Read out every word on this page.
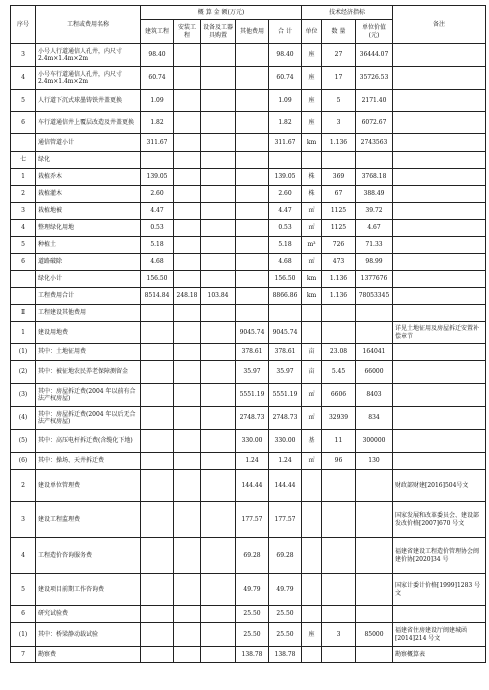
序号	工程或费用名称	概 算 金 额(万元)					技术经济指标			备注
		建筑工程	安装工程	设备及工器具购置	其他费用	合 计	单位	数 量	单位价值(元)	
3	小号人行道通信人孔井，内尺寸 2.4m×1.4m×2m	98.40				98.40	座	27	36444.07	
4	小号车行道通信人孔井，内尺寸 2.4m×1.4m×2m	60.74				60.74	座	17	35726.53	
5	人行道下沉式球墨铸铁井盖更换	1.09				1.09	座	5	2171.40	
6	车行道通信井上覆层改造及井盖更换	1.82				1.82	座	3	6072.67	
	通信管道小计	311.67				311.67	km	1.136	2743563	
七	绿化									
1	栽植乔木	139.05				139.05	株	369	3768.18	
2	栽植灌木	2.60				2.60	株	67	388.49	
3	栽植地被	4.47				4.47	㎡	1125	39.72	
4	整理绿化用地	0.53				0.53	㎡	1125	4.67	
5	种植土	5.18				5.18	m³	726	71.33	
6	道路破除	4.68				4.68	㎡	473	98.99	
	绿化小计	156.50				156.50	km	1.136	1377676	
	工程费用合计	8514.84	248.18	103.84		8866.86	km	1.136	78053345	
Ⅱ	工程建设其他费用									
1	建设用地费				9045.74	9045.74				详见土地征用及房屋拆迁安置补偿章节
(1)	其中：土地征用费				378.61	378.61	亩	23.08	164041	
(2)	其中：被征地农民养老保障测留金				35.97	35.97	亩	5.45	66000	
(3)	其中：房屋拆迁费(2004 年以前有合法产权房屋)				5551.19	5551.19	㎡	6606	8403	
(4)	其中：房屋拆迁费(2004 年以后无合法产权房屋)				2748.73	2748.73	㎡	32939	834	
(5)	其中：高压电杆拆迁费(含缆化下地)				330.00	330.00	基	11	300000	
(6)	其中：操场、天井拆迁费				1.24	1.24	㎡	96	130	
2	建设单位管理费				144.44	144.44				财政部财建[2016]504号文
3	建设工程监理费				177.57	177.57				国家发展和改革委员会、建设部发改价格[2007]670 号文
4	工程造价咨询服务费				69.28	69.28				福建省建设工程造价管理协会闽建价协[2020]34 号
5	建设项目前期工作咨询费				49.79	49.79				国家计委计价格[1999]1283 号文
6	研究试验费				25.50	25.50				
(1)	其中：桥梁静动载试验				25.50	25.50	座	3	85000	福建省住房建设厅闽建城函[2014]214 号文
7	勘察费				138.78	138.78				勘察概算表
